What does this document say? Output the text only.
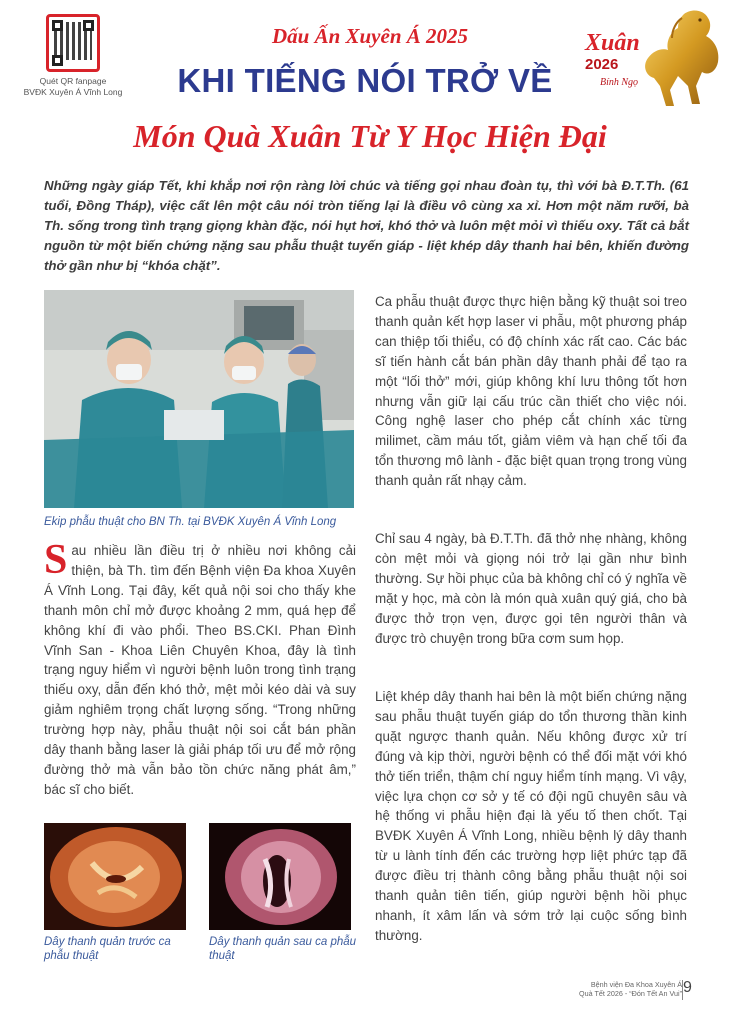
Quét QR fanpage
BVĐK Xuyên Á Vĩnh Long
Dấu Ấn Xuyên Á 2025
KHI TIẾNG NÓI TRỞ VỀ
Món Quà Xuân Từ Y Học Hiện Đại
Xuân
2026
Bính Ngọ
Những ngày giáp Tết, khi khắp nơi rộn ràng lời chúc và tiếng gọi nhau đoàn tụ, thì với bà Đ.T.Th. (61 tuổi, Đồng Tháp), việc cất lên một câu nói tròn tiếng lại là điều vô cùng xa xỉ. Hơn một năm rưỡi, bà Th. sống trong tình trạng giọng khàn đặc, nói hụt hơi, khó thở và luôn mệt mỏi vì thiếu oxy. Tất cả bắt nguồn từ một biến chứng nặng sau phẫu thuật tuyến giáp - liệt khép dây thanh hai bên, khiến đường thở gần như bị “khóa chặt”.
Ekip phẫu thuật cho BN Th. tại BVĐK Xuyên Á Vĩnh Long
S au nhiều lần điều trị ở nhiều nơi không cải thiện, bà Th. tìm đến Bệnh viện Đa khoa Xuyên Á Vĩnh Long. Tại đây, kết quả nội soi cho thấy khe thanh môn chỉ mở được khoảng 2 mm, quá hẹp để không khí đi vào phổi. Theo BS.CKI. Phan Đình Vĩnh San - Khoa Liên Chuyên Khoa, đây là tình trạng nguy hiểm vì người bệnh luôn trong tình trạng thiếu oxy, dẫn đến khó thở, mệt mỏi kéo dài và suy giảm nghiêm trọng chất lượng sống. “Trong những trường hợp này, phẫu thuật nội soi cắt bán phần dây thanh bằng laser là giải pháp tối ưu để mở rộng đường thở mà vẫn bảo tồn chức năng phát âm,” bác sĩ cho biết.
Dây thanh quản trước ca phẫu thuật
Dây thanh quản sau ca phẫu thuật
Ca phẫu thuật được thực hiện bằng kỹ thuật soi treo thanh quản kết hợp laser vi phẫu, một phương pháp can thiệp tối thiểu, có độ chính xác rất cao. Các bác sĩ tiến hành cắt bán phần dây thanh phải để tạo ra một “lối thở” mới, giúp không khí lưu thông tốt hơn nhưng vẫn giữ lại cấu trúc cần thiết cho việc nói. Công nghệ laser cho phép cắt chính xác từng milimet, cầm máu tốt, giảm viêm và hạn chế tối đa tổn thương mô lành - đặc biệt quan trọng trong vùng thanh quản rất nhạy cảm.
Chỉ sau 4 ngày, bà Đ.T.Th. đã thở nhẹ nhàng, không còn mệt mỏi và giọng nói trở lại gần như bình thường. Sự hồi phục của bà không chỉ có ý nghĩa về mặt y học, mà còn là món quà xuân quý giá, cho bà được thở trọn vẹn, được gọi tên người thân và được trò chuyện trong bữa cơm sum họp.
Liệt khép dây thanh hai bên là một biến chứng nặng sau phẫu thuật tuyến giáp do tổn thương thần kinh quặt ngược thanh quản. Nếu không được xử trí đúng và kịp thời, người bệnh có thể đối mặt với khó thở tiến triển, thậm chí nguy hiểm tính mạng. Vì vậy, việc lựa chọn cơ sở y tế có đội ngũ chuyên sâu và hệ thống vi phẫu hiện đại là yếu tố then chốt. Tại BVĐK Xuyên Á Vĩnh Long, nhiều bệnh lý dây thanh từ u lành tính đến các trường hợp liệt phức tạp đã được điều trị thành công bằng phẫu thuật nội soi thanh quản tiên tiến, giúp người bệnh hồi phục nhanh, ít xâm lấn và sớm trở lại cuộc sống bình thường.
Bệnh viện Đa Khoa Xuyên Á
Quà Tết 2026 - “Đón Tết An Vui” 9
